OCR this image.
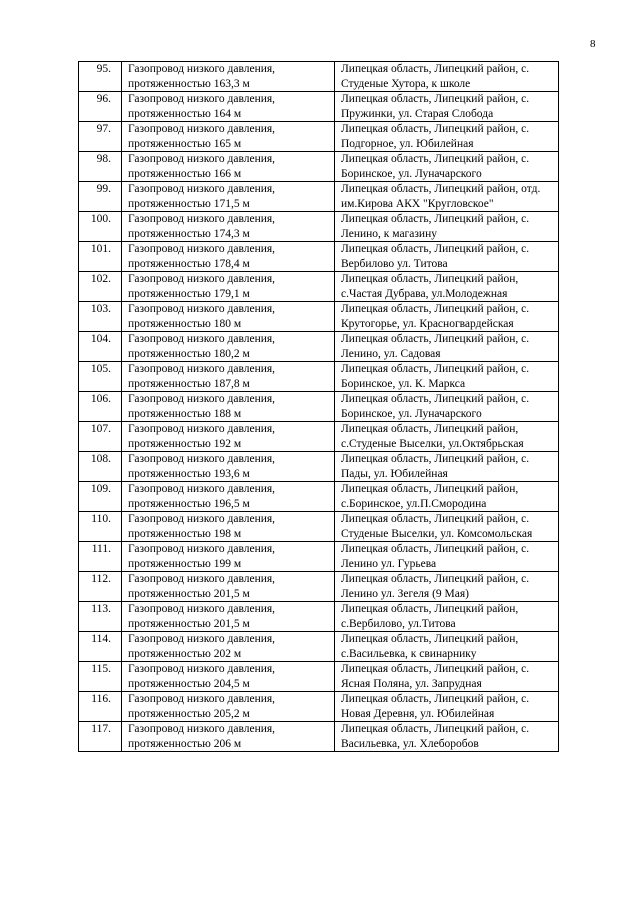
8
95.	Газопровод низкого давления,
протяженностью 163,3 м	Липецкая область, Липецкий район, с.
Студеные Хутора, к школе

96.	Газопровод низкого давления,
протяженностью 164 м	Липецкая область, Липецкий район, с.
Пружинки, ул. Старая Слобода

97.	Газопровод низкого давления,
протяженностью 165 м	Липецкая область, Липецкий район, с.
Подгорное, ул. Юбилейная

98.	Газопровод низкого давления,
протяженностью 166 м	Липецкая область, Липецкий район, с.
Боринское, ул. Луначарского

99.	Газопровод низкого давления,
протяженностью 171,5 м	Липецкая область, Липецкий район, отд.
им.Кирова АКХ "Кругловское"

100.	Газопровод низкого давления,
протяженностью 174,3 м	Липецкая область, Липецкий район, с.
Ленино, к магазину

101.	Газопровод низкого давления,
протяженностью 178,4 м	Липецкая область, Липецкий район, с.
Вербилово ул. Титова

102.	Газопровод низкого давления,
протяженностью 179,1 м	Липецкая область, Липецкий район,
с.Частая Дубрава, ул.Молодежная

103.	Газопровод низкого давления,
протяженностью 180 м	Липецкая область, Липецкий район, с.
Крутогорье, ул. Красногвардейская

104.	Газопровод низкого давления,
протяженностью 180,2 м	Липецкая область, Липецкий район, с.
Ленино, ул. Садовая

105.	Газопровод низкого давления,
протяженностью 187,8 м	Липецкая область, Липецкий район, с.
Боринское, ул. К. Маркса

106.	Газопровод низкого давления,
протяженностью 188 м	Липецкая область, Липецкий район, с.
Боринское, ул. Луначарского

107.	Газопровод низкого давления,
протяженностью 192 м	Липецкая область, Липецкий район,
с.Студеные Выселки, ул.Октябрьская

108.	Газопровод низкого давления,
протяженностью 193,6 м	Липецкая область, Липецкий район, с.
Пады, ул. Юбилейная

109.	Газопровод низкого давления,
протяженностью 196,5 м	Липецкая область, Липецкий район,
с.Боринское, ул.П.Смородина

110.	Газопровод низкого давления,
протяженностью 198 м	Липецкая область, Липецкий район, с.
Студеные Выселки, ул. Комсомольская

111.	Газопровод низкого давления,
протяженностью 199 м	Липецкая область, Липецкий район, с.
Ленино ул. Гурьева

112.	Газопровод низкого давления,
протяженностью 201,5 м	Липецкая область, Липецкий район, с.
Ленино ул. Зегеля (9 Мая)

113.	Газопровод низкого давления,
протяженностью 201,5 м	Липецкая область, Липецкий район,
с.Вербилово, ул.Титова

114.	Газопровод низкого давления,
протяженностью 202 м	Липецкая область, Липецкий район,
с.Васильевка, к свинарнику

115.	Газопровод низкого давления,
протяженностью 204,5 м	Липецкая область, Липецкий район, с.
Ясная Поляна, ул. Запрудная

116.	Газопровод низкого давления,
протяженностью 205,2 м	Липецкая область, Липецкий район, с.
Новая Деревня, ул. Юбилейная

117.	Газопровод низкого давления,
протяженностью 206 м	Липецкая область, Липецкий район, с.
Васильевка, ул. Хлеборобов
